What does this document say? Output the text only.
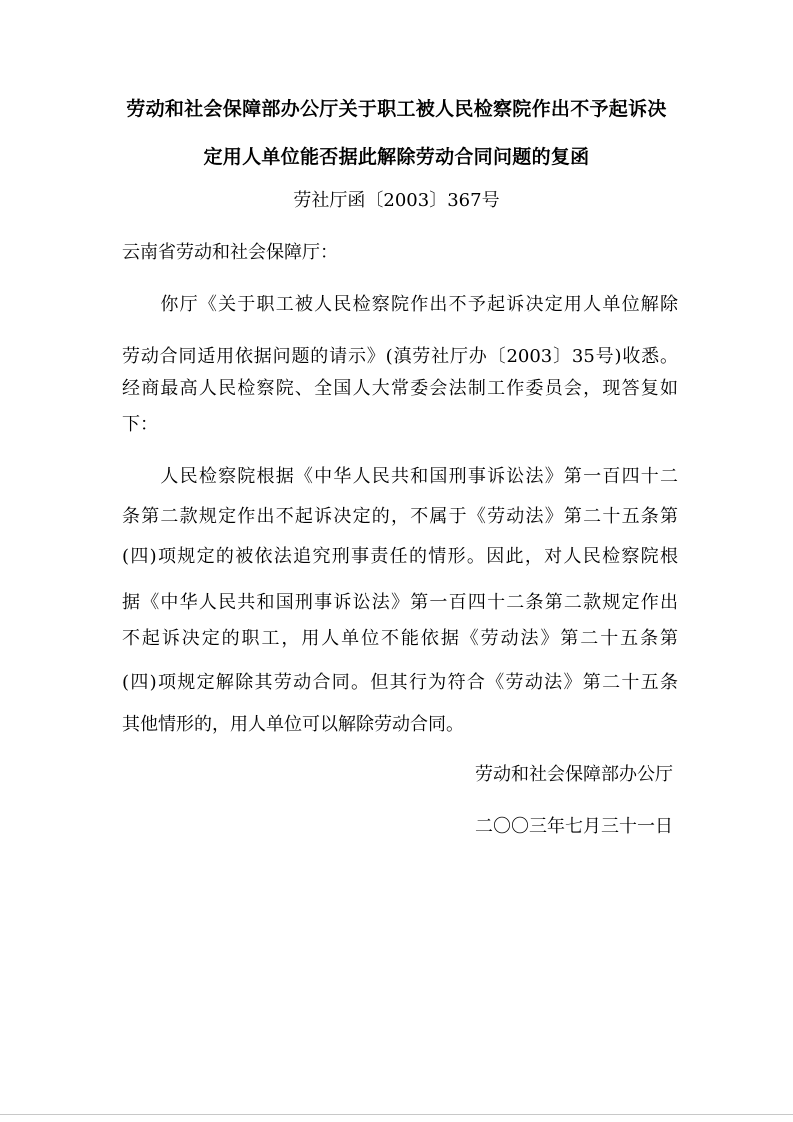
劳动和社会保障部办公厅关于职工被人民检察院作出不予起诉决
定用人单位能否据此解除劳动合同问题的复函
劳社厅函〔2003〕367号
云南省劳动和社会保障厅：
　　你厅《关于职工被人民检察院作出不予起诉决定用人单位解除
劳动合同适用依据问题的请示》(滇劳社厅办〔2003〕35号)收悉。
经商最高人民检察院、全国人大常委会法制工作委员会，现答复如
下：
　　人民检察院根据《中华人民共和国刑事诉讼法》第一百四十二
条第二款规定作出不起诉决定的，不属于《劳动法》第二十五条第
(四)项规定的被依法追究刑事责任的情形。因此，对人民检察院根
据《中华人民共和国刑事诉讼法》第一百四十二条第二款规定作出
不起诉决定的职工，用人单位不能依据《劳动法》第二十五条第
(四)项规定解除其劳动合同。但其行为符合《劳动法》第二十五条
其他情形的，用人单位可以解除劳动合同。
劳动和社会保障部办公厅
二〇〇三年七月三十一日
